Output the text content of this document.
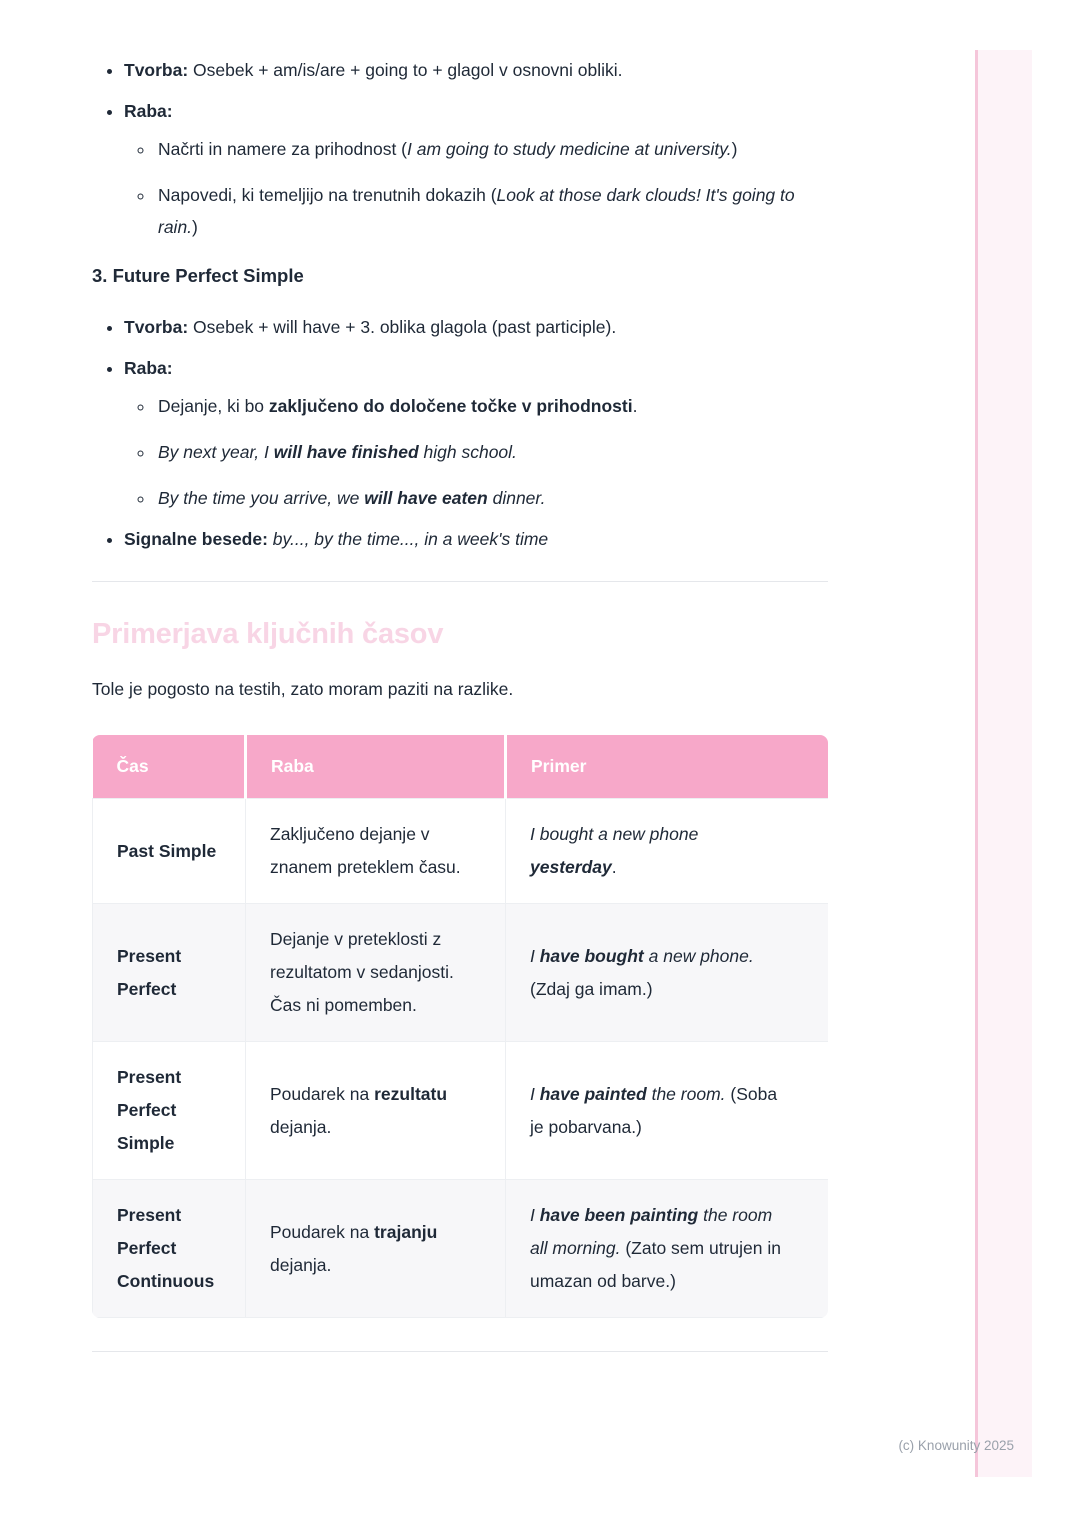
• Tvorba: Osebek + am/is/are + going to + glagol v osnovni obliki.
• Raba:
◦ Načrti in namere za prihodnost (I am going to study medicine at university.)
◦ Napovedi, ki temeljijo na trenutnih dokazih (Look at those dark clouds! It's going to rain.)
3. Future Perfect Simple
• Tvorba: Osebek + will have + 3. oblika glagola (past participle).
• Raba:
◦ Dejanje, ki bo zaključeno do določene točke v prihodnosti.
◦ By next year, I will have finished high school.
◦ By the time you arrive, we will have eaten dinner.
• Signalne besede: by..., by the time..., in a week's time
Primerjava ključnih časov

Tole je pogosto na testih, zato moram paziti na razlike.

Čas	Raba	Primer
Past Simple	Zaključeno dejanje v znanem preteklem času.	I bought a new phone yesterday.

Present Perfect	Dejanje v preteklosti z rezultatom v sedanjosti. Čas ni pomemben.	I have bought a new phone. (Zdaj ga imam.)

Present Perfect Simple	Poudarek na rezultatu dejanja.	I have painted the room. (Soba je pobarvana.)

Present Perfect Continuous	Poudarek na trajanju dejanja.	I have been painting the room all morning. (Zato sem utrujen in umazan od barve.)
(c) Knowunity 2025
